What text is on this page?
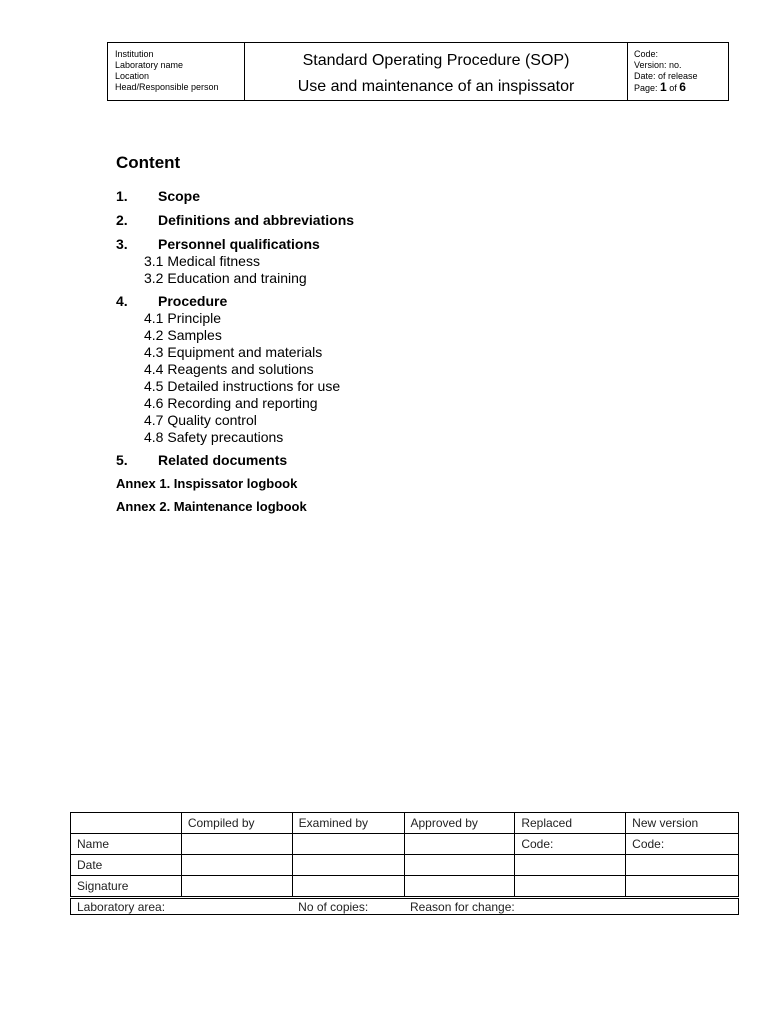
Institution
Laboratory name
Location
Head/Responsible person
Standard Operating Procedure (SOP)
Use and maintenance of an inspissator
Code:
Version: no.
Date: of release
Page: 1 of 6
Content
1.	Scope
2.	Definitions and abbreviations
3.	Personnel qualifications
3.1 Medical fitness
3.2 Education and training
4.	Procedure
4.1 Principle
4.2 Samples
4.3 Equipment and materials
4.4 Reagents and solutions
4.5 Detailed instructions for use
4.6 Recording and reporting
4.7 Quality control
4.8 Safety precautions
5.	Related documents
Annex 1. Inspissator logbook
Annex 2. Maintenance logbook
	Compiled by	Examined by	Approved by	Replaced	New version
Name				Code:	Code:
Date					
Signature					
Laboratory area:		No of copies:	Reason for change:		
